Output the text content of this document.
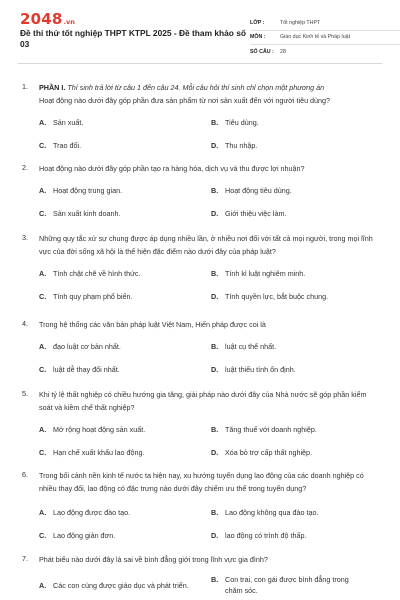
2048 .vn
Đề thi thử tốt nghiệp THPT KTPL 2025 - Đề tham khảo số 03
LỚP :	Tốt nghiệp THPT
MÔN :	Giáo dục Kinh tế và Pháp luật
SỐ CÂU :	28
1. PHẦN I. Thí sinh trả lời từ câu 1 đến câu 24. Mỗi câu hỏi thí sinh chỉ chọn một phương án
Hoạt động nào dưới đây góp phần đưa sản phẩm từ nơi sản xuất đến với người tiêu dùng?
A. Sản xuất.	B. Tiêu dùng.
C. Trao đổi.	D. Thu nhập.
2. Hoạt động nào dưới đây góp phần tạo ra hàng hóa, dịch vụ và thu được lợi nhuận?
A. Hoạt động trung gian.	B. Hoạt động tiêu dùng.
C. Sản xuất kinh doanh.	D. Giới thiệu việc làm.
3. Những quy tắc xử sự chung được áp dụng nhiều lần, ở nhiều nơi đối với tất cả mọi người, trong mọi lĩnh vực của đời sống xã hội là thể hiện đặc điểm nào dưới đây của pháp luật?
A. Tính chặt chẽ về hình thức.	B. Tính kỉ luật nghiêm minh.
C. Tính quy phạm phổ biến.	D. Tính quyền lực, bắt buộc chung.
4. Trong hệ thống các văn bản pháp luật Việt Nam, Hiến pháp được coi là
A. đạo luật cơ bản nhất.	B. luật cụ thể nhất.
C. luật dễ thay đổi nhất.	D. luật thiếu tính ổn định.
5. Khi tỷ lệ thất nghiệp có chiều hướng gia tăng, giải pháp nào dưới đây của Nhà nước sẽ góp phần kiểm soát và kiềm chế thất nghiệp?
A. Mở rộng hoạt động sản xuất.	B. Tăng thuế với doanh nghiệp.
C. Hạn chế xuất khẩu lao động.	D. Xóa bỏ trợ cấp thất nghiệp.
6. Trong bối cảnh nền kinh tế nước ta hiện nay, xu hướng tuyển dụng lao động của các doanh nghiệp có nhiều thay đổi, lao động có đặc trưng nào dưới đây chiếm ưu thế trong tuyển dụng?
A. Lao động được đào tạo.	B. Lao động không qua đào tạo.
C. Lao động giản đơn.	D. lao động có trình độ thấp.
7. Phát biểu nào dưới đây là sai về bình đẳng giới trong lĩnh vực gia đình?
A. Các con cùng được giáo dục và phát triển.
B. Con trai, con gái được bình đẳng trong chăm sóc.
